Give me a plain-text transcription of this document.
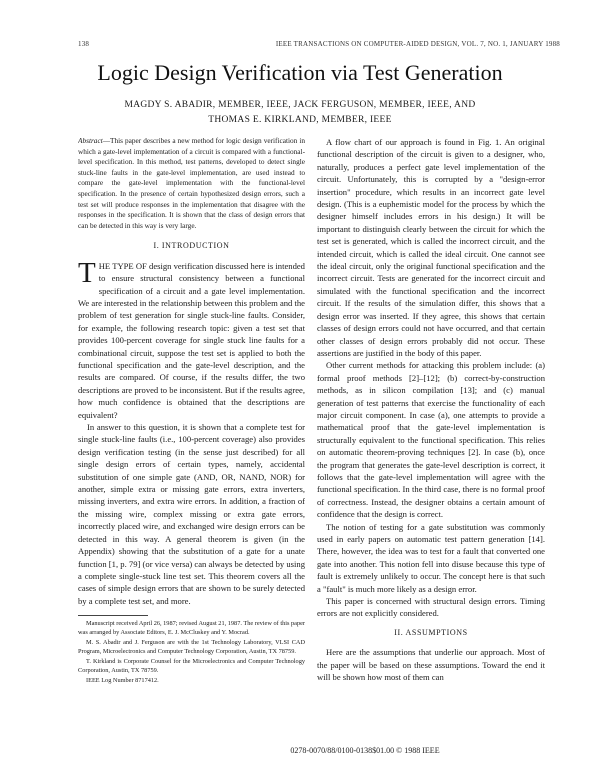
138	IEEE TRANSACTIONS ON COMPUTER-AIDED DESIGN, VOL. 7, NO. 1, JANUARY 1988
Logic Design Verification via Test Generation
MAGDY S. ABADIR, MEMBER, IEEE, JACK FERGUSON, MEMBER, IEEE, AND
THOMAS E. KIRKLAND, MEMBER, IEEE

Abstract—This paper describes a new method for logic design verification in which a gate-level implementation of a circuit is compared with a functional-level specification. In this method, test patterns, developed to detect single stuck-line faults in the gate-level implementation, are used instead to compare the gate-level implementation with the functional-level specification. In the presence of certain hypothesized design errors, such a test set will produce responses in the implementation that disagree with the responses in the specification. It is shown that the class of design errors that can be detected in this way is very large.

I. INTRODUCTION

THE TYPE OF design verification discussed here is intended to ensure structural consistency between a functional specification of a circuit and a gate level implementation. We are interested in the relationship between this problem and the problem of test generation for single stuck-line faults. Consider, for example, the following research topic: given a test set that provides 100-percent coverage for single stuck line faults for a combinational circuit, suppose the test set is applied to both the functional specification and the gate-level description, and the results are compared. Of course, if the results differ, the two descriptions are proved to be inconsistent. But if the results agree, how much confidence is obtained that the descriptions are equivalent?

In answer to this question, it is shown that a complete test for single stuck-line faults (i.e., 100-percent coverage) also provides design verification testing (in the sense just described) for all single design errors of certain types, namely, accidental substitution of one simple gate (AND, OR, NAND, NOR) for another, simple extra or missing gate errors, extra inverters, missing inverters, and extra wire errors. In addition, a fraction of the missing wire, complex missing or extra gate errors, incorrectly placed wire, and exchanged wire design errors can be detected in this way. A general theorem is given (in the Appendix) showing that the substitution of a gate for a unate function [1, p. 79] (or vice versa) can always be detected by using a complete single-stuck line test set. This theorem covers all the cases of simple design errors that are shown to be surely detected by a complete test set, and more.

Manuscript received April 26, 1987; revised August 21, 1987. The review of this paper was arranged by Associate Editors, E. J. McCluskey and Y. Mocrad.

M. S. Abadir and J. Ferguson are with the 1st Technology Laboratory, VLSI CAD Program, Microelectronics and Computer Technology Corporation, Austin, TX 78759.

T. Kirkland is Corporate Counsel for the Microelectronics and Computer Technology Corporation, Austin, TX 78759.

IEEE Log Number 8717412.

A flow chart of our approach is found in Fig. 1. An original functional description of the circuit is given to a designer, who, naturally, produces a perfect gate level implementation of the circuit. Unfortunately, this is corrupted by a "design-error insertion" procedure, which results in an incorrect gate level design. (This is a euphemistic model for the process by which the designer himself includes errors in his design.) It will be important to distinguish clearly between the circuit for which the test set is generated, which is called the incorrect circuit, and the intended circuit, which is called the ideal circuit. One cannot see the ideal circuit, only the original functional specification and the incorrect circuit. Tests are generated for the incorrect circuit and simulated with the functional specification and the incorrect circuit. If the results of the simulation differ, this shows that a design error was inserted. If they agree, this shows that certain classes of design errors could not have occurred, and that certain other classes of design errors probably did not occur. These assertions are justified in the body of this paper.

Other current methods for attacking this problem include: (a) formal proof methods [2]–[12]; (b) correct-by-construction methods, as in silicon compilation [13]; and (c) manual generation of test patterns that exercise the functionality of each major circuit component. In case (a), one attempts to provide a mathematical proof that the gate-level implementation is structurally equivalent to the functional specification. This relies on automatic theorem-proving techniques [2]. In case (b), once the program that generates the gate-level description is correct, it follows that the gate-level implementation will agree with the functional specification. In the third case, there is no formal proof of correctness. Instead, the designer obtains a certain amount of confidence that the design is correct.

The notion of testing for a gate substitution was commonly used in early papers on automatic test pattern generation [14]. There, however, the idea was to test for a fault that converted one gate into another. This notion fell into disuse because this type of fault is extremely unlikely to occur. The concept here is that such a "fault" is much more likely as a design error.

This paper is concerned with structural design errors. Timing errors are not explicitly considered.

II. ASSUMPTIONS

Here are the assumptions that underlie our approach. Most of the paper will be based on these assumptions. Toward the end it will be shown how most of them can

0278-0070/88/0100-0138$01.00 © 1988 IEEE
